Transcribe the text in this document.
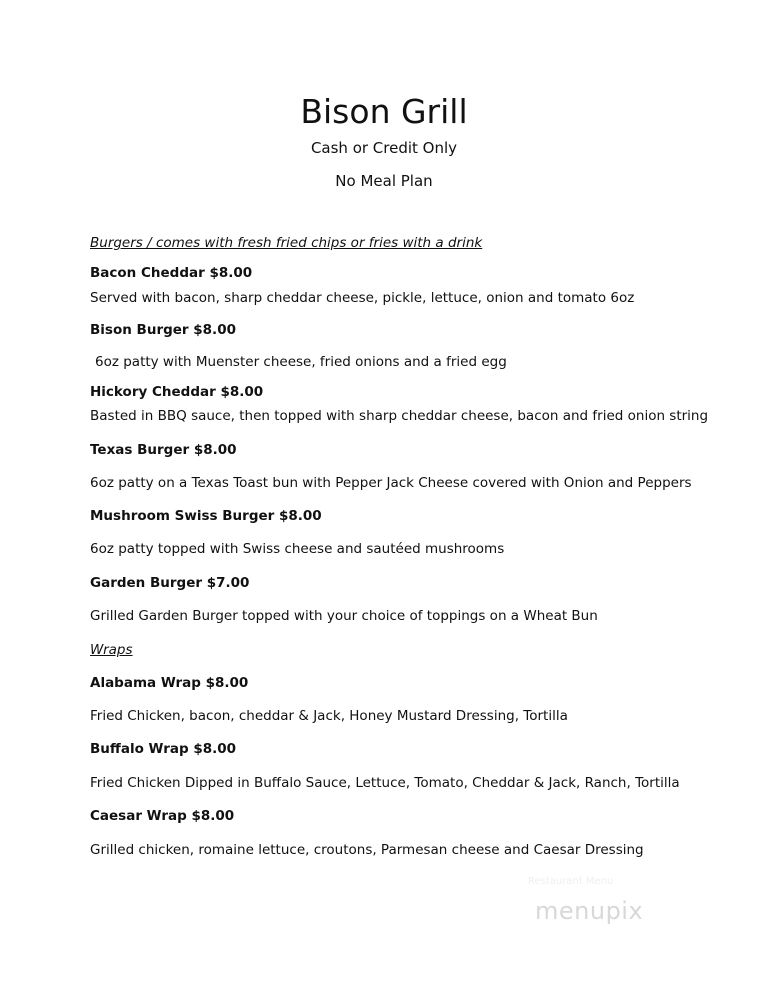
Bison Grill
Cash or Credit Only
No Meal Plan
Burgers / comes with fresh fried chips or fries with a drink
Bacon Cheddar $8.00
Served with bacon, sharp cheddar cheese, pickle, lettuce, onion and tomato 6oz
Bison Burger $8.00
6oz patty with Muenster cheese, fried onions and a fried egg
Hickory Cheddar $8.00
Basted in BBQ sauce, then topped with sharp cheddar cheese, bacon and fried onion string
Texas Burger $8.00
6oz patty on a Texas Toast bun with Pepper Jack Cheese covered with Onion and Peppers
Mushroom Swiss Burger $8.00
6oz patty topped with Swiss cheese and sautéed mushrooms
Garden Burger $7.00
Grilled Garden Burger topped with your choice of toppings on a Wheat Bun
Wraps
Alabama Wrap $8.00
Fried Chicken, bacon, cheddar & Jack, Honey Mustard Dressing, Tortilla
Buffalo Wrap $8.00
Fried Chicken Dipped in Buffalo Sauce, Lettuce, Tomato, Cheddar & Jack, Ranch, Tortilla
Caesar Wrap $8.00
Grilled chicken, romaine lettuce, croutons, Parmesan cheese and Caesar Dressing
Restaurant Menu
menupix
